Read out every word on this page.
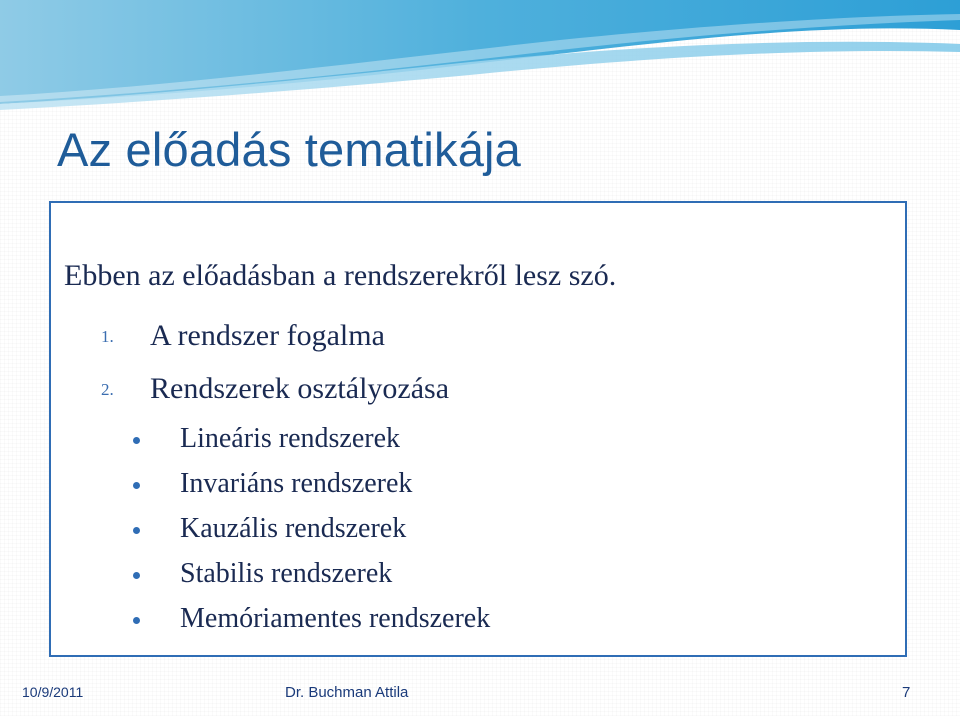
Az előadás tematikája
Ebben az előadásban a rendszerekről lesz szó.
1.	A rendszer fogalma
2.	Rendszerek osztályozása
Lineáris rendszerek
Invariáns rendszerek
Kauzális rendszerek
Stabilis rendszerek
Memóriamentes rendszerek
10/9/2011	Dr. Buchman Attila	7
